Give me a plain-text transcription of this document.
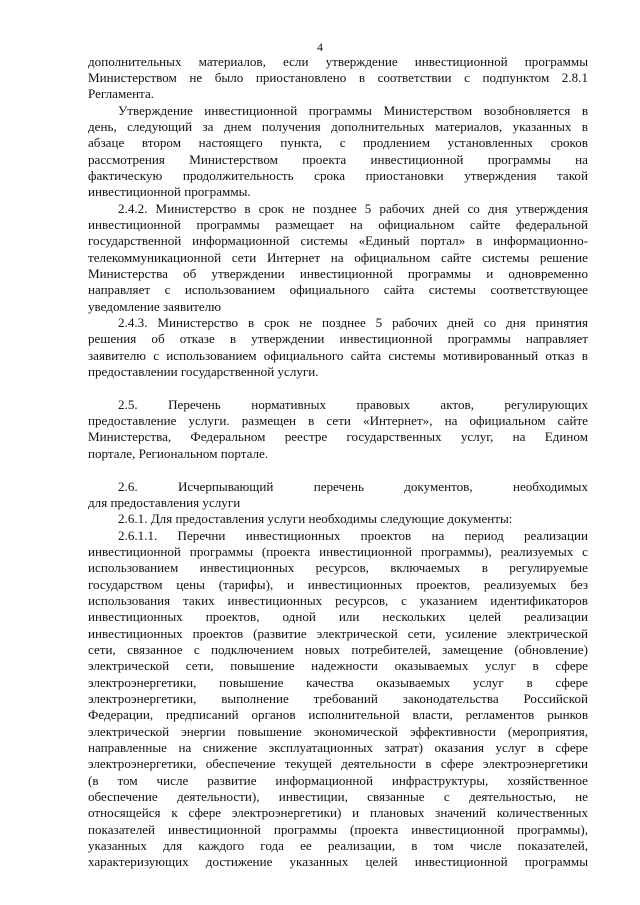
4
дополнительных материалов, если утверждение инвестиционной программы
Министерством не было приостановлено в соответствии с подпунктом 2.8.1
Регламента.
Утверждение инвестиционной программы Министерством возобновляется в
день, следующий за днем получения дополнительных материалов, указанных в
абзаце втором настоящего пункта, с продлением установленных сроков
рассмотрения Министерством проекта инвестиционной программы на
фактическую продолжительность срока приостановки утверждения такой
инвестиционной программы.
2.4.2. Министерство в срок не позднее 5 рабочих дней со дня утверждения
инвестиционной программы размещает на официальном сайте федеральной
государственной информационной системы «Единый портал» в информационно-
телекоммуникационной сети Интернет на официальном сайте системы решение
Министерства об утверждении инвестиционной программы и одновременно
направляет с использованием официального сайта системы соответствующее
уведомление заявителю
2.4.3. Министерство в срок не позднее 5 рабочих дней со дня принятия
решения об отказе в утверждении инвестиционной программы направляет
заявителю с использованием официального сайта системы мотивированный отказ в
предоставлении государственной услуги.
2.5. Перечень нормативных правовых актов, регулирующих
предоставление услуги. размещен в сети «Интернет», на официальном сайте
Министерства, Федеральном реестре государственных услуг, на Едином
портале, Региональном портале.
2.6. Исчерпывающий перечень документов, необходимых
для предоставления услуги
2.6.1. Для предоставления услуги необходимы следующие документы:
2.6.1.1. Перечни инвестиционных проектов на период реализации
инвестиционной программы (проекта инвестиционной программы), реализуемых с
использованием инвестиционных ресурсов, включаемых в регулируемые
государством цены (тарифы), и инвестиционных проектов, реализуемых без
использования таких инвестиционных ресурсов, с указанием идентификаторов
инвестиционных проектов, одной или нескольких целей реализации
инвестиционных проектов (развитие электрической сети, усиление электрической
сети, связанное с подключением новых потребителей, замещение (обновление)
электрической сети, повышение надежности оказываемых услуг в сфере
электроэнергетики, повышение качества оказываемых услуг в сфере
электроэнергетики, выполнение требований законодательства Российской
Федерации, предписаний органов исполнительной власти, регламентов рынков
электрической энергии повышение экономической эффективности (мероприятия,
направленные на снижение эксплуатационных затрат) оказания услуг в сфере
электроэнергетики, обеспечение текущей деятельности в сфере электроэнергетики
(в том числе развитие информационной инфраструктуры, хозяйственное
обеспечение деятельности), инвестиции, связанные с деятельностью, не
относящейся к сфере электроэнергетики) и плановых значений количественных
показателей инвестиционной программы (проекта инвестиционной программы),
указанных для каждого года ее реализации, в том числе показателей,
характеризующих достижение указанных целей инвестиционной программы
